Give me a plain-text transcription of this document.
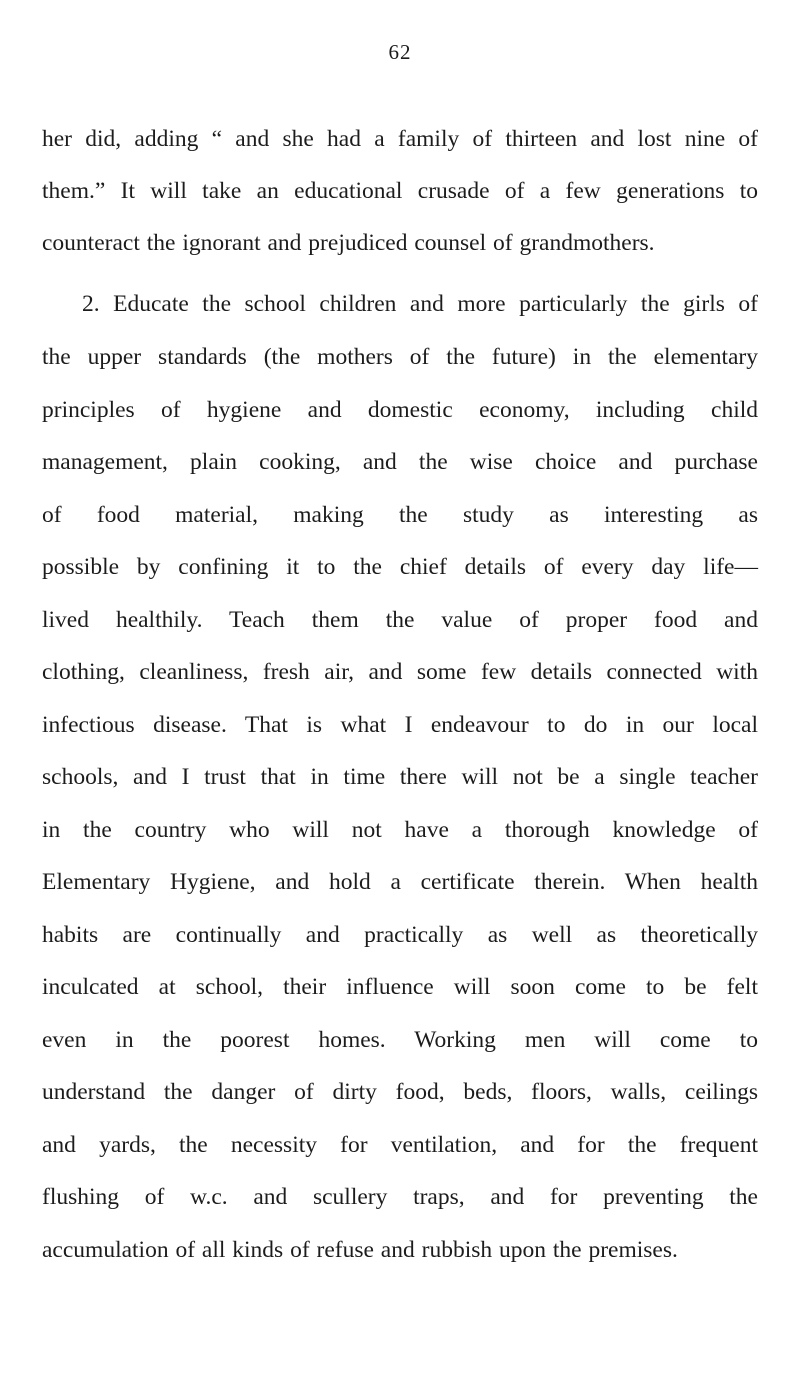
62
her did, adding “ and she had a family of thirteen and lost nine of
them.” It will take an educational crusade of a few generations to
counteract the ignorant and prejudiced counsel of grandmothers.
2. Educate the school children and more particularly the girls of
the upper standards (the mothers of the future) in the elementary
principles of hygiene and domestic economy, including child
management, plain cooking, and the wise choice and purchase
of food material, making the study as interesting as
possible by confining it to the chief details of every day life—
lived healthily. Teach them the value of proper food and
clothing, cleanliness, fresh air, and some few details connected with
infectious disease. That is what I endeavour to do in our local
schools, and I trust that in time there will not be a single teacher
in the country who will not have a thorough knowledge of
Elementary Hygiene, and hold a certificate therein. When health
habits are continually and practically as well as theoretically
inculcated at school, their influence will soon come to be felt
even in the poorest homes. Working men will come to
understand the danger of dirty food, beds, floors, walls, ceilings
and yards, the necessity for ventilation, and for the frequent
flushing of w.c. and scullery traps, and for preventing the
accumulation of all kinds of refuse and rubbish upon the premises.
